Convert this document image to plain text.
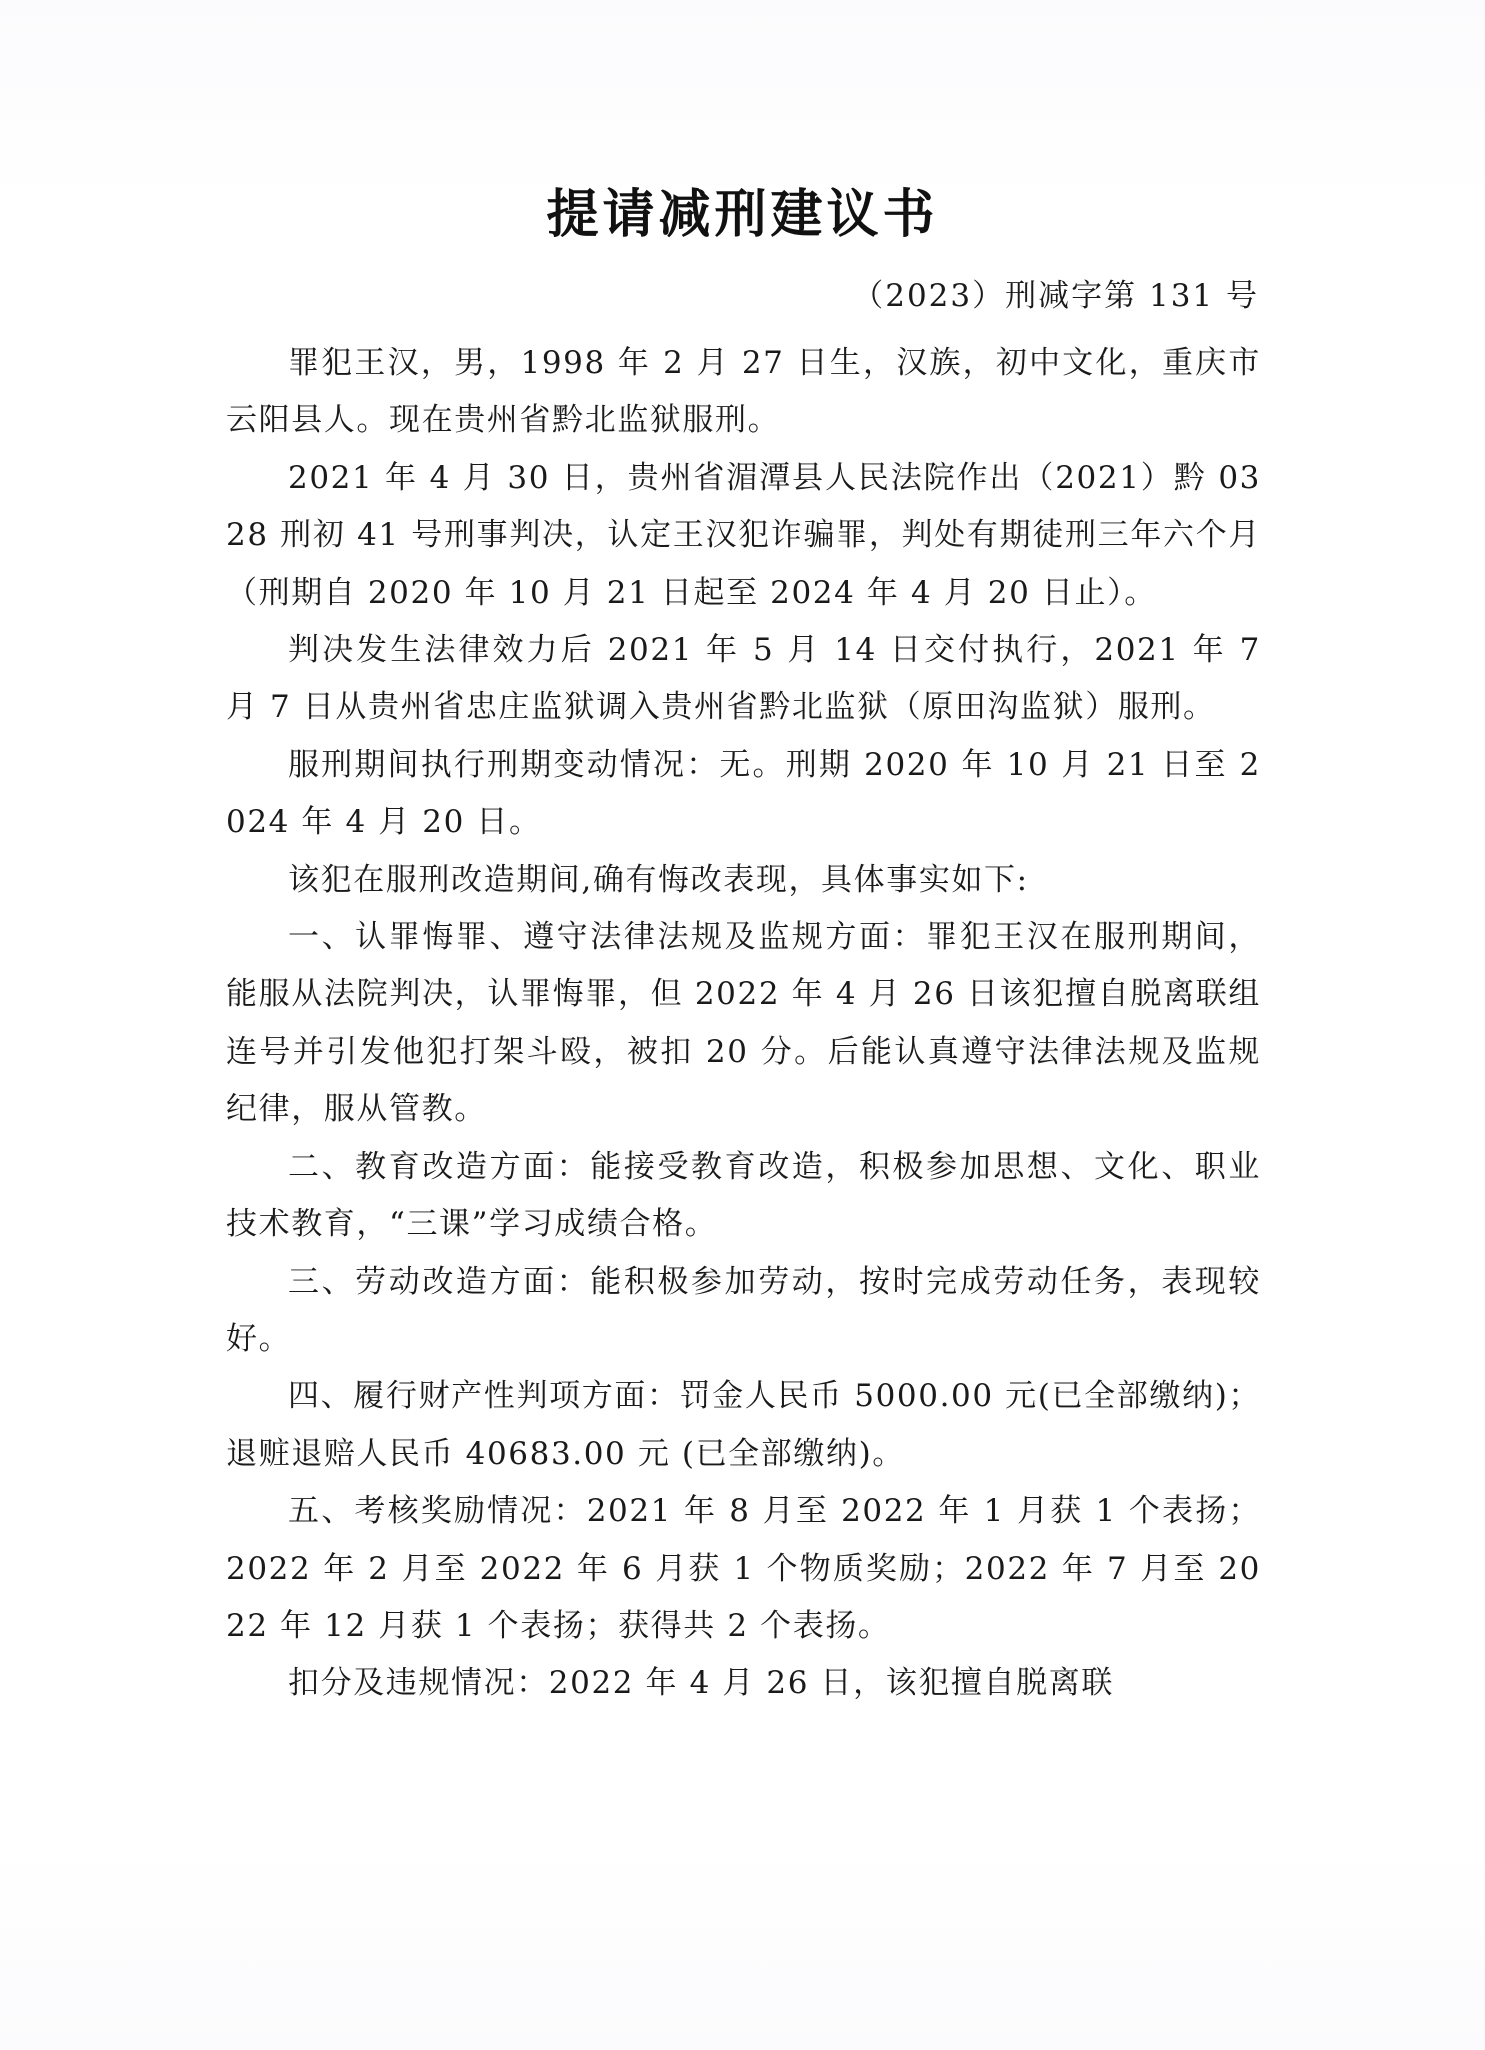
提请减刑建议书
（2023）刑减字第 131 号

罪犯王汉，男，1998 年 2 月 27 日生，汉族，初中文化，重庆市云阳县人。现在贵州省黔北监狱服刑。

2021 年 4 月 30 日，贵州省湄潭县人民法院作出（2021）黔 0328 刑初 41 号刑事判决，认定王汉犯诈骗罪，判处有期徒刑三年六个月（刑期自 2020 年 10 月 21 日起至 2024 年 4 月 20 日止）。

判决发生法律效力后 2021 年 5 月 14 日交付执行，2021 年 7 月 7 日从贵州省忠庄监狱调入贵州省黔北监狱（原田沟监狱）服刑。

服刑期间执行刑期变动情况：无。刑期 2020 年 10 月 21 日至 2024 年 4 月 20 日。

该犯在服刑改造期间,确有悔改表现，具体事实如下:

一、认罪悔罪、遵守法律法规及监规方面：罪犯王汉在服刑期间，能服从法院判决，认罪悔罪，但 2022 年 4 月 26 日该犯擅自脱离联组连号并引发他犯打架斗殴，被扣 20 分。后能认真遵守法律法规及监规纪律，服从管教。

二、教育改造方面：能接受教育改造，积极参加思想、文化、职业技术教育，“三课”学习成绩合格。

三、劳动改造方面：能积极参加劳动，按时完成劳动任务，表现较好。

四、履行财产性判项方面：罚金人民币 5000.00 元(已全部缴纳)；退赃退赔人民币 40683.00 元 (已全部缴纳)。

五、考核奖励情况：2021 年 8 月至 2022 年 1 月获 1 个表扬；2022 年 2 月至 2022 年 6 月获 1 个物质奖励；2022 年 7 月至 2022 年 12 月获 1 个表扬；获得共 2 个表扬。

扣分及违规情况：2022 年 4 月 26 日，该犯擅自脱离联
